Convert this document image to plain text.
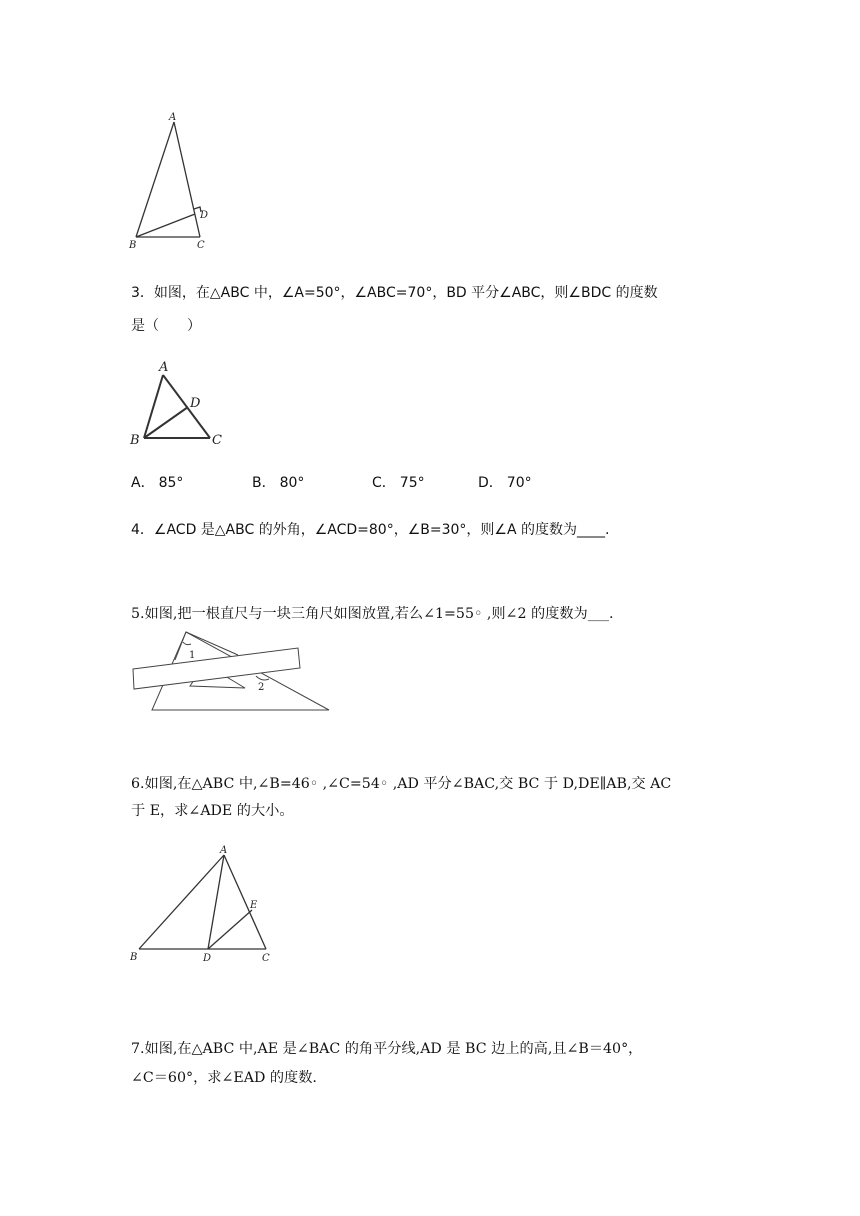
A
B	C
D
3．如图，在△ABC 中，∠A=50°，∠ABC=70°，BD 平分∠ABC，则∠BDC 的度数
是（　　）
A
B	C
D
A． 85°	B． 80°	C． 75°	D． 70°
4．∠ACD 是△ABC 的外角，∠ACD=80°，∠B=30°，则∠A 的度数为____.
5.如图,把一根直尺与一块三角尺如图放置,若么∠1=55◦ ,则∠2 的度数为___.
1
2
6.如图,在△ABC 中,∠B=46◦ ,∠C=54◦ ,AD 平分∠BAC,交 BC 于 D,DE∥AB,交 AC
于 E，求∠ADE 的大小。
A
B	D	C
E
7.如图,在△ABC 中,AE 是∠BAC 的角平分线,AD 是 BC 边上的高,且∠B＝40°，
∠C＝60°，求∠EAD 的度数.
